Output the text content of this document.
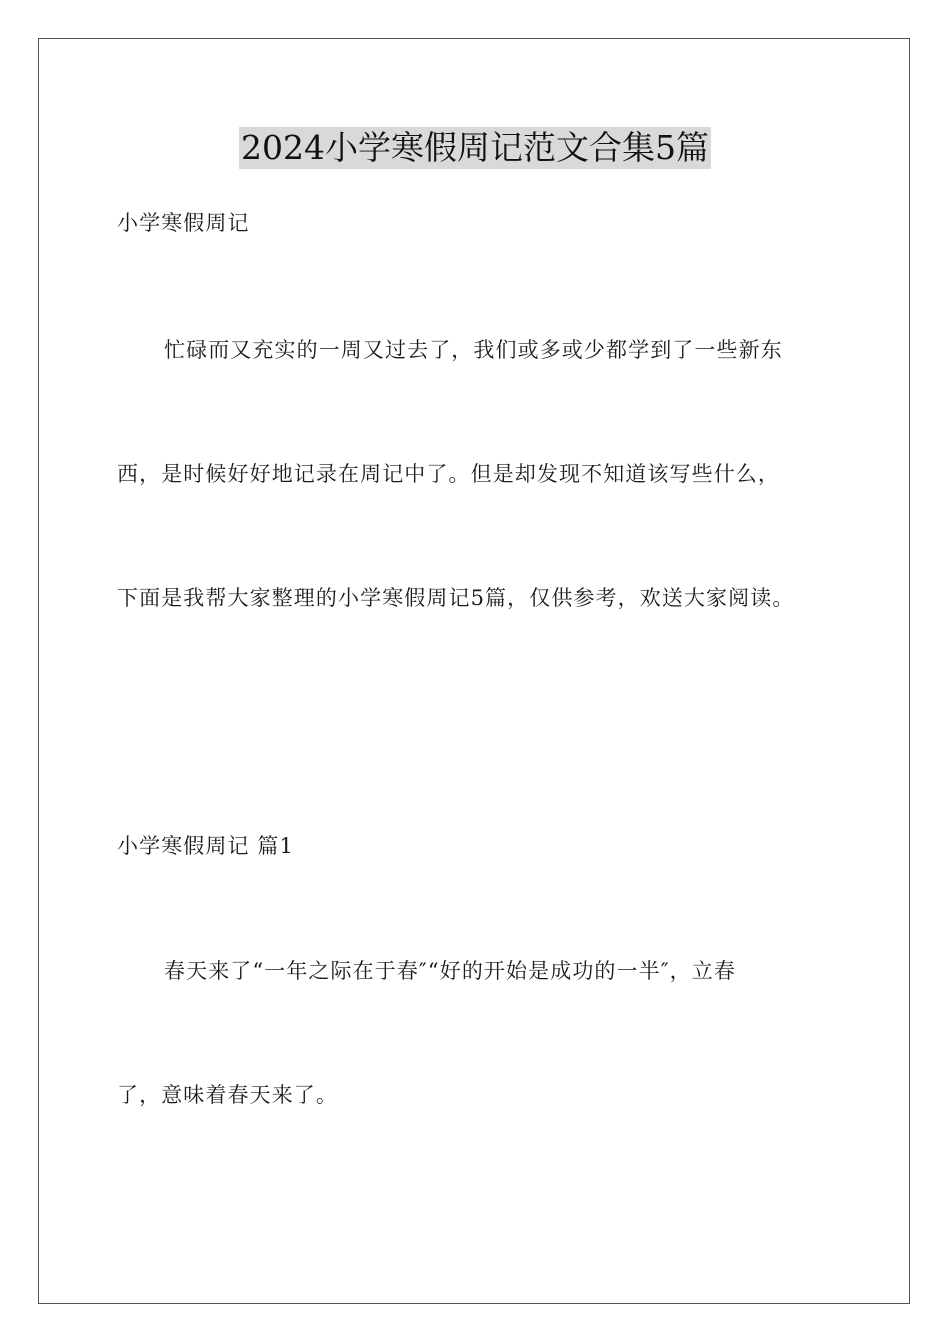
2024小学寒假周记范文合集5篇
小学寒假周记
忙碌而又充实的一周又过去了，我们或多或少都学到了一些新东
西，是时候好好地记录在周记中了。但是却发现不知道该写些什么，
下面是我帮大家整理的小学寒假周记5篇，仅供参考，欢送大家阅读。
小学寒假周记 篇1
春天来了“一年之际在于春″“好的开始是成功的一半″，立春
了，意味着春天来了。
